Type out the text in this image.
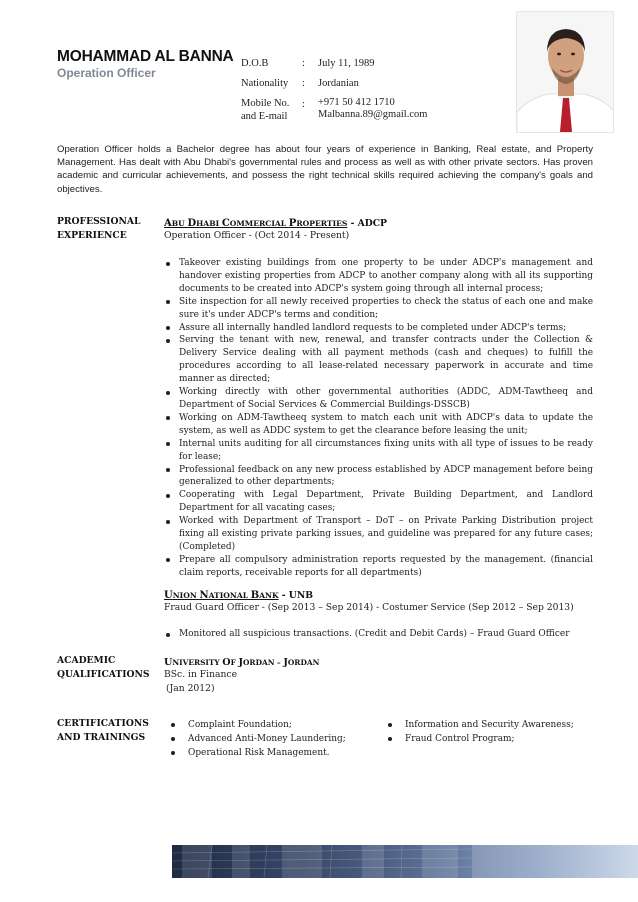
MOHAMMAD AL BANNA
Operation Officer
D.O.B	: July 11, 1989
Nationality	: Jordanian
Mobile No.
and E-mail
: +971 50 412 1710
Malbanna.89@gmail.com

Operation Officer holds a Bachelor degree has about four years of experience in Banking, Real estate, and Property Management. Has dealt with Abu Dhabi's governmental rules and process as well as with other private sectors. Has proven academic and curricular achievements, and possess the right technical skills required achieving the company's goals and objectives.

PROFESSIONAL
EXPERIENCE
ABU DHABI COMMERCIAL PROPERTIES - ADCP
Operation Officer - (Oct 2014 - Present)
Takeover existing buildings from one property to be under ADCP's management and handover existing properties from ADCP to another company along with all its supporting documents to be created into ADCP's system going through all internal process;
Site inspection for all newly received properties to check the status of each one and make sure it's under ADCP's terms and condition;
Assure all internally handled landlord requests to be completed under ADCP's terms;
Serving the tenant with new, renewal, and transfer contracts under the Collection & Delivery Service dealing with all payment methods (cash and cheques) to fulfill the procedures according to all lease-related necessary paperwork in accurate and time manner as directed;
Working directly with other governmental authorities (ADDC, ADM-Tawtheeq and Department of Social Services & Commercial Buildings-DSSCB)
Working on ADM-Tawtheeq system to match each unit with ADCP's data to update the system, as well as ADDC system to get the clearance before leasing the unit;
Internal units auditing for all circumstances fixing units with all type of issues to be ready for lease;
Professional feedback on any new process established by ADCP management before being generalized to other departments;
Cooperating with Legal Department, Private Building Department, and Landlord Department for all vacating cases;
Worked with Department of Transport – DoT – on Private Parking Distribution project fixing all existing private parking issues, and guideline was prepared for any future cases; (Completed)
Prepare all compulsory administration reports requested by the management. (financial claim reports, receivable reports for all departments)
UNION NATIONAL BANK - UNB
Fraud Guard Officer - (Sep 2013 – Sep 2014) - Costumer Service (Sep 2012 – Sep 2013)
Monitored all suspicious transactions. (Credit and Debit Cards) – Fraud Guard Officer
ACADEMIC
QUALIFICATIONS
UNIVERSITY OF JORDAN – JORDAN
BSc. in Finance
(Jan 2012)
CERTIFICATIONS
AND TRAININGS
Complaint Foundation;
Advanced Anti-Money Laundering;
Operational Risk Management.
Information and Security Awareness;
Fraud Control Program;
